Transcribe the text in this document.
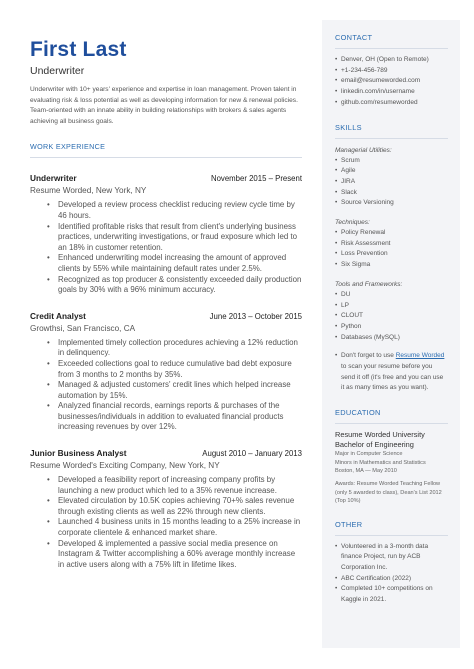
First Last
Underwriter
Underwriter with 10+ years' experience and expertise in loan management. Proven talent in evaluating risk & loss potential as well as developing information for new & renewal policies. Team-oriented with an innate ability in building relationships with brokers & sales agents achieving all business goals.
WORK EXPERIENCE
Underwriter	November 2015 – Present
Resume Worded, New York, NY
• Developed a review process checklist reducing review cycle time by 46 hours.
• Identified profitable risks that result from client's underlying business practices, underwriting investigations, or fraud exposure which led to an 18% in customer retention.
• Enhanced underwriting model increasing the amount of approved clients by 55% while maintaining default rates under 2.5%.
• Recognized as top producer & consistently exceeded daily production goals by 30% with a 96% minimum accuracy.
Credit Analyst	June 2013 – October 2015
Growthsi, San Francisco, CA
• Implemented timely collection procedures achieving a 12% reduction in delinquency.
• Exceeded collections goal to reduce cumulative bad debt exposure from 3 months to 2 months by 35%.
• Managed & adjusted customers' credit lines which helped increase automation by 15%.
• Analyzed financial records, earnings reports & purchases of the businesses/individuals in addition to evaluated financial products increasing revenues by over 12%.
Junior Business Analyst	August 2010 – January 2013
Resume Worded's Exciting Company, New York, NY
• Developed a feasibility report of increasing company profits by launching a new product which led to a 35% revenue increase.
• Elevated circulation by 10.5K copies achieving 70+% sales revenue through existing clients as well as 22% through new clients.
• Launched 4 business units in 15 months leading to a 25% increase in corporate clientele & enhanced market share.
• Developed & implemented a passive social media presence on Instagram & Twitter accomplishing a 60% average monthly increase in active users along with a 75% lift in lifetime likes.
CONTACT
• Denver, OH (Open to Remote)
• +1-234-456-789
• email@resumeworded.com
• linkedin.com/in/username
• github.com/resumeworded
SKILLS
Managerial Utilities:
• Scrum
• Agile
• JIRA
• Slack
• Source Versioning
Techniques:
• Policy Renewal
• Risk Assessment
• Loss Prevention
• Six Sigma
Tools and Frameworks:
• DU
• LP
• CLOUT
• Python
• Databases (MySQL)
• Don't forget to use Resume Worded to scan your resume before you send it off (it's free and you can use it as many times as you want).
EDUCATION
Resume Worded University
Bachelor of Engineering
Major in Computer Science
Minors in Mathematics and Statistics
Boston, MA — May 2010
Awards: Resume Worded Teaching Fellow (only 5 awarded to class), Dean's List 2012 (Top 10%)
OTHER
• Volunteered in a 3-month data finance Project, run by ACB Corporation Inc.
• ABC Certification (2022)
• Completed 10+ competitions on Kaggle in 2021.
